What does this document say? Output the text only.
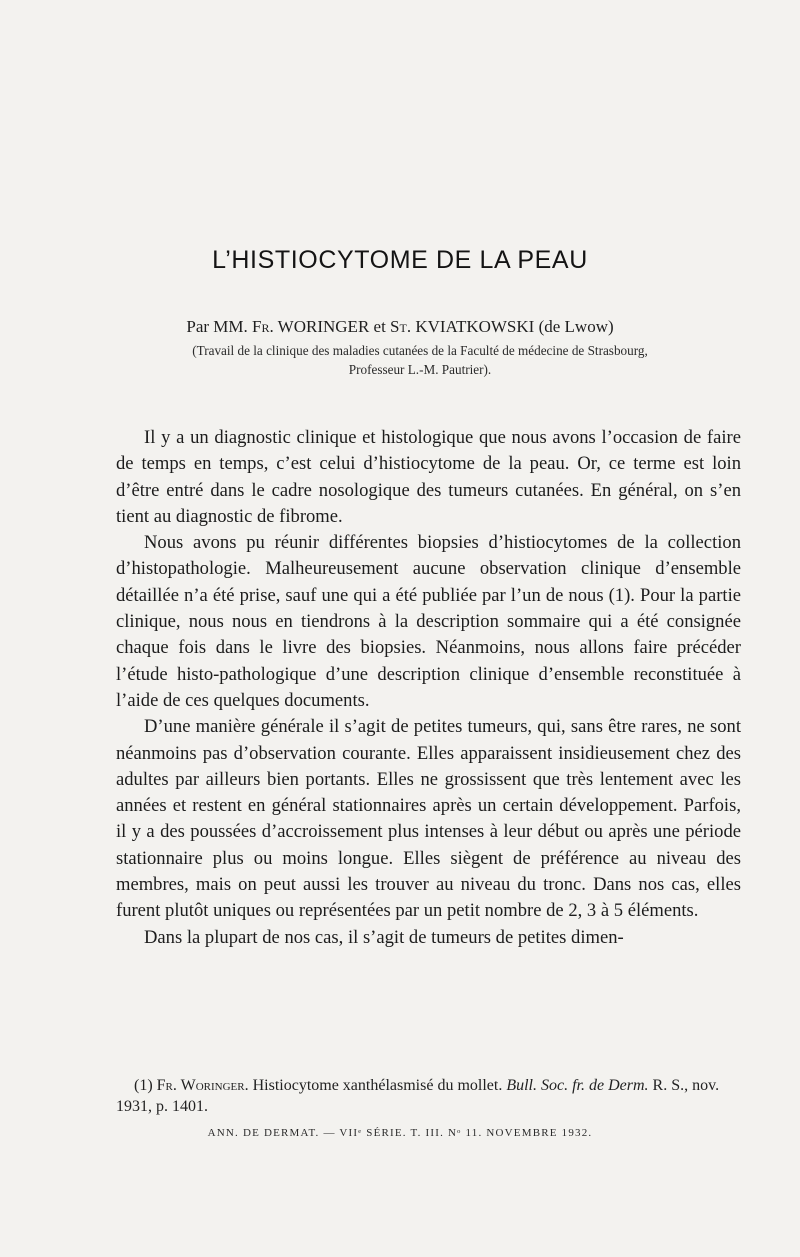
L’HISTIOCYTOME DE LA PEAU
Par MM. Fr. WORINGER et St. KVIATKOWSKI (de Lwow)
(Travail de la clinique des maladies cutanées de la Faculté de médecine de Strasbourg,
Professeur L.-M. Pautrier).

Il y a un diagnostic clinique et histologique que nous avons l’occasion de faire de temps en temps, c’est celui d’histiocytome de la peau. Or, ce terme est loin d’être entré dans le cadre nosologique des tumeurs cutanées. En général, on s’en tient au diagnostic de fibrome.

Nous avons pu réunir différentes biopsies d’histiocytomes de la collection d’histopathologie. Malheureusement aucune observation clinique d’ensemble détaillée n’a été prise, sauf une qui a été publiée par l’un de nous (1). Pour la partie clinique, nous nous en tiendrons à la description sommaire qui a été consignée chaque fois dans le livre des biopsies. Néanmoins, nous allons faire précéder l’étude histo-pathologique d’une description clinique d’ensemble reconstituée à l’aide de ces quelques documents.

D’une manière générale il s’agit de petites tumeurs, qui, sans être rares, ne sont néanmoins pas d’observation courante. Elles apparaissent insidieusement chez des adultes par ailleurs bien portants. Elles ne grossissent que très lentement avec les années et restent en général stationnaires après un certain développement. Parfois, il y a des poussées d’accroissement plus intenses à leur début ou après une période stationnaire plus ou moins longue. Elles siègent de préférence au niveau des membres, mais on peut aussi les trouver au niveau du tronc. Dans nos cas, elles furent plutôt uniques ou représentées par un petit nombre de 2, 3 à 5 éléments.

Dans la plupart de nos cas, il s’agit de tumeurs de petites dimen-

(1) Fr. Woringer. Histiocytome xanthélasmisé du mollet. Bull. Soc. fr. de Derm. R. S., nov. 1931, p. 1401.
ANN. DE DERMAT. — VIIᵉ SÉRIE. T. III. Nᵒ 11. NOVEMBRE 1932.
